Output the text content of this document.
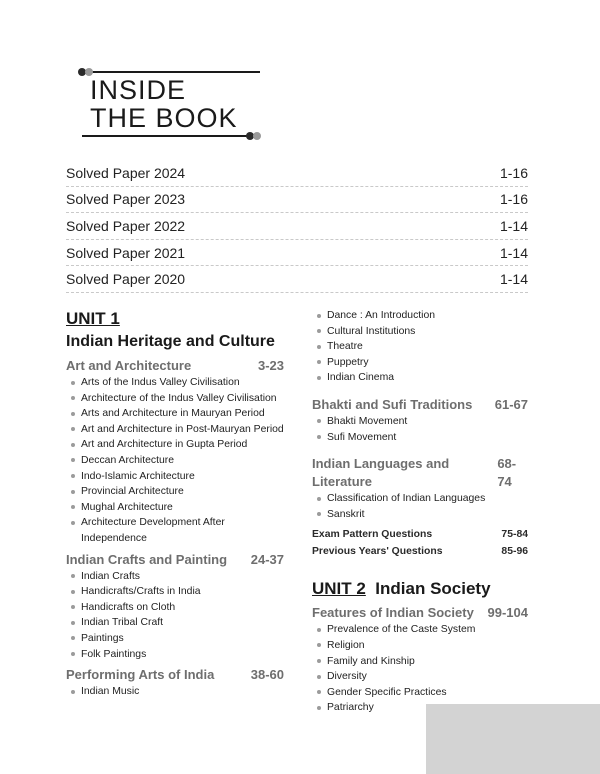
INSIDE
THE BOOK
Solved Paper 2024	1-16
Solved Paper 2023	1-16
Solved Paper 2022	1-14
Solved Paper 2021	1-14
Solved Paper 2020	1-14
UNIT 1
Indian Heritage and Culture
Art and Architecture	3-23
Arts of the Indus Valley Civilisation
Architecture of the Indus Valley Civilisation
Arts and Architecture in Mauryan Period
Art and Architecture in Post-Mauryan Period
Art and Architecture in Gupta Period
Deccan Architecture
Indo-Islamic Architecture
Provincial Architecture
Mughal Architecture
Architecture Development After Independence
Indian Crafts and Painting 24-37
Indian Crafts
Handicrafts/Crafts in India
Handicrafts on Cloth
Indian Tribal Craft
Paintings
Folk Paintings
Performing Arts of India	38-60
Indian Music
Dance : An Introduction
Cultural Institutions
Theatre
Puppetry
Indian Cinema
Bhakti and Sufi Traditions 61-67
Bhakti Movement
Sufi Movement
Indian Languages and Literature
68-74
Classification of Indian Languages
Sanskrit
Exam Pattern Questions	75-84
Previous Years' Questions	85-96
UNIT 2 Indian Society
Features of Indian Society 99-104
Prevalence of the Caste System
Religion
Family and Kinship
Diversity
Gender Specific Practices
Patriarchy
